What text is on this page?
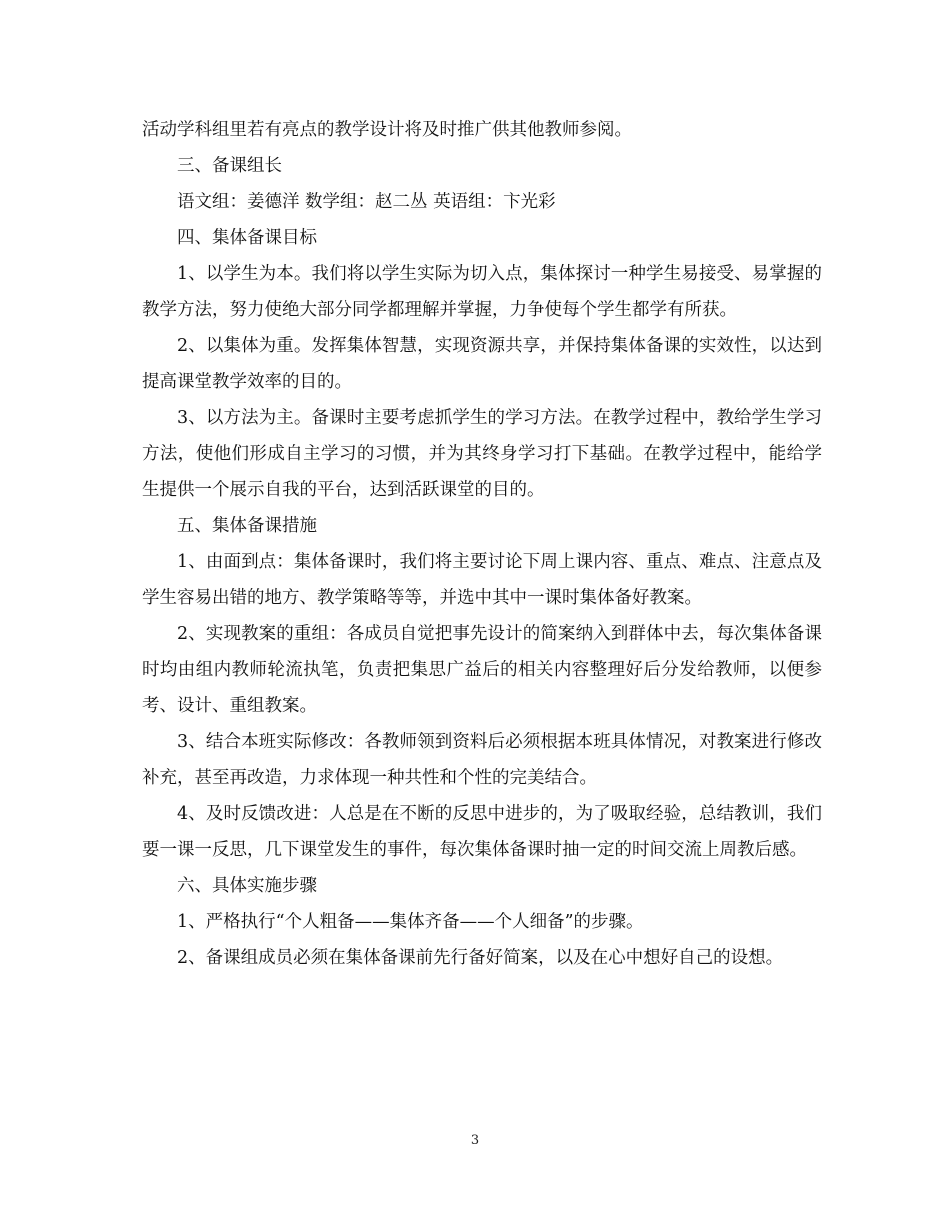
活动学科组里若有亮点的教学设计将及时推广供其他教师参阅。

三、备课组长

语文组：姜德洋 数学组：赵二丛 英语组：卞光彩

四、集体备课目标

1、以学生为本。我们将以学生实际为切入点，集体探讨一种学生易接受、易掌握的教学方法，努力使绝大部分同学都理解并掌握，力争使每个学生都学有所获。

2、以集体为重。发挥集体智慧，实现资源共享，并保持集体备课的实效性，以达到提高课堂教学效率的目的。

3、以方法为主。备课时主要考虑抓学生的学习方法。在教学过程中，教给学生学习方法，使他们形成自主学习的习惯，并为其终身学习打下基础。在教学过程中，能给学生提供一个展示自我的平台，达到活跃课堂的目的。

五、集体备课措施

1、由面到点：集体备课时，我们将主要讨论下周上课内容、重点、难点、注意点及学生容易出错的地方、教学策略等等，并选中其中一课时集体备好教案。

2、实现教案的重组：各成员自觉把事先设计的简案纳入到群体中去，每次集体备课时均由组内教师轮流执笔，负责把集思广益后的相关内容整理好后分发给教师，以便参考、设计、重组教案。

3、结合本班实际修改：各教师领到资料后必须根据本班具体情况，对教案进行修改补充，甚至再改造，力求体现一种共性和个性的完美结合。

4、及时反馈改进：人总是在不断的反思中进步的，为了吸取经验，总结教训，我们要一课一反思，几下课堂发生的事件，每次集体备课时抽一定的时间交流上周教后感。

六、具体实施步骤

1、严格执行“个人粗备——集体齐备——个人细备”的步骤。

2、备课组成员必须在集体备课前先行备好简案，以及在心中想好自己的设想。

3
